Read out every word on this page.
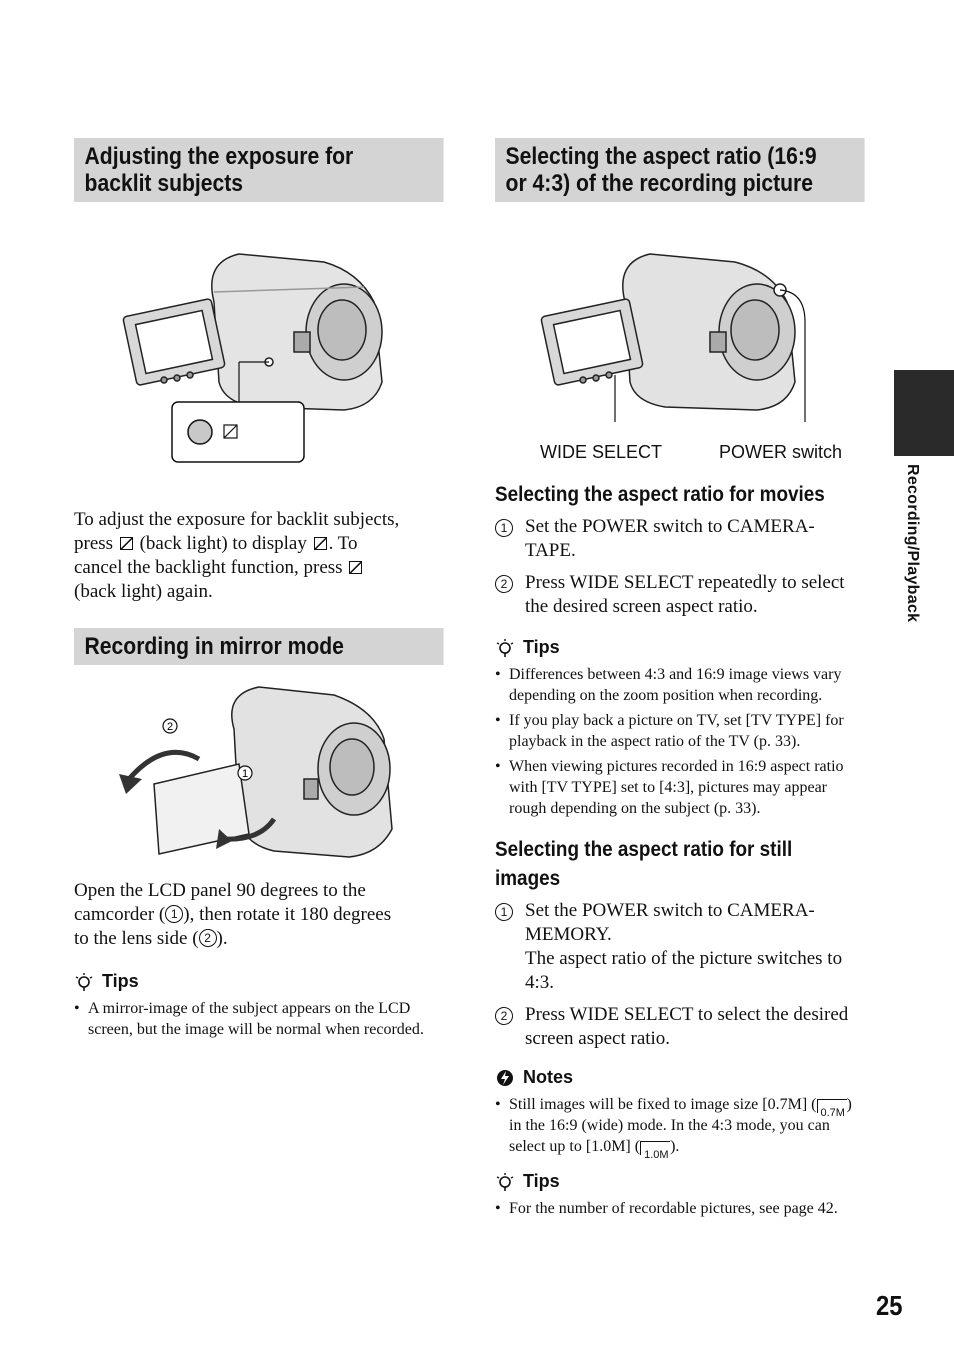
Adjusting the exposure for
backlit subjects

To adjust the exposure for backlit subjects,

press  (back light) to display . To

cancel the backlight function, press

(back light) again.

Recording in mirror mode
2
1

Open the LCD panel 90 degrees to the

camcorder ( 1 ), then rotate it 180 degrees

to the lens side ( 2 ).

Tips
• A mirror-image of the subject appears on the LCD screen, but the image will be normal when recorded.
Selecting the aspect ratio (16:9
or 4:3) of the recording picture
WIDE SELECT	POWER switch
Selecting the aspect ratio for movies
1 Set the POWER switch to CAMERA-TAPE.
2 Press WIDE SELECT repeatedly to select the desired screen aspect ratio.
Tips
• Differences between 4:3 and 16:9 image views vary depending on the zoom position when recording.
• If you play back a picture on TV, set [TV TYPE] for playback in the aspect ratio of the TV (p. 33).
• When viewing pictures recorded in 16:9 aspect ratio with [TV TYPE] set to [4:3], pictures may appear rough depending on the subject (p. 33).
Selecting the aspect ratio for still
images
1 Set the POWER switch to CAMERA-MEMORY.
The aspect ratio of the picture switches to 4:3.
2 Press WIDE SELECT to select the desired screen aspect ratio.
Notes
• Still images will be fixed to image size [0.7M] ( 0.7M ) in the 16:9 (wide) mode. In the 4:3 mode, you can select up to [1.0M] ( 1.0M ).
Tips
• For the number of recordable pictures, see page 42.
Recording/Playback
25
